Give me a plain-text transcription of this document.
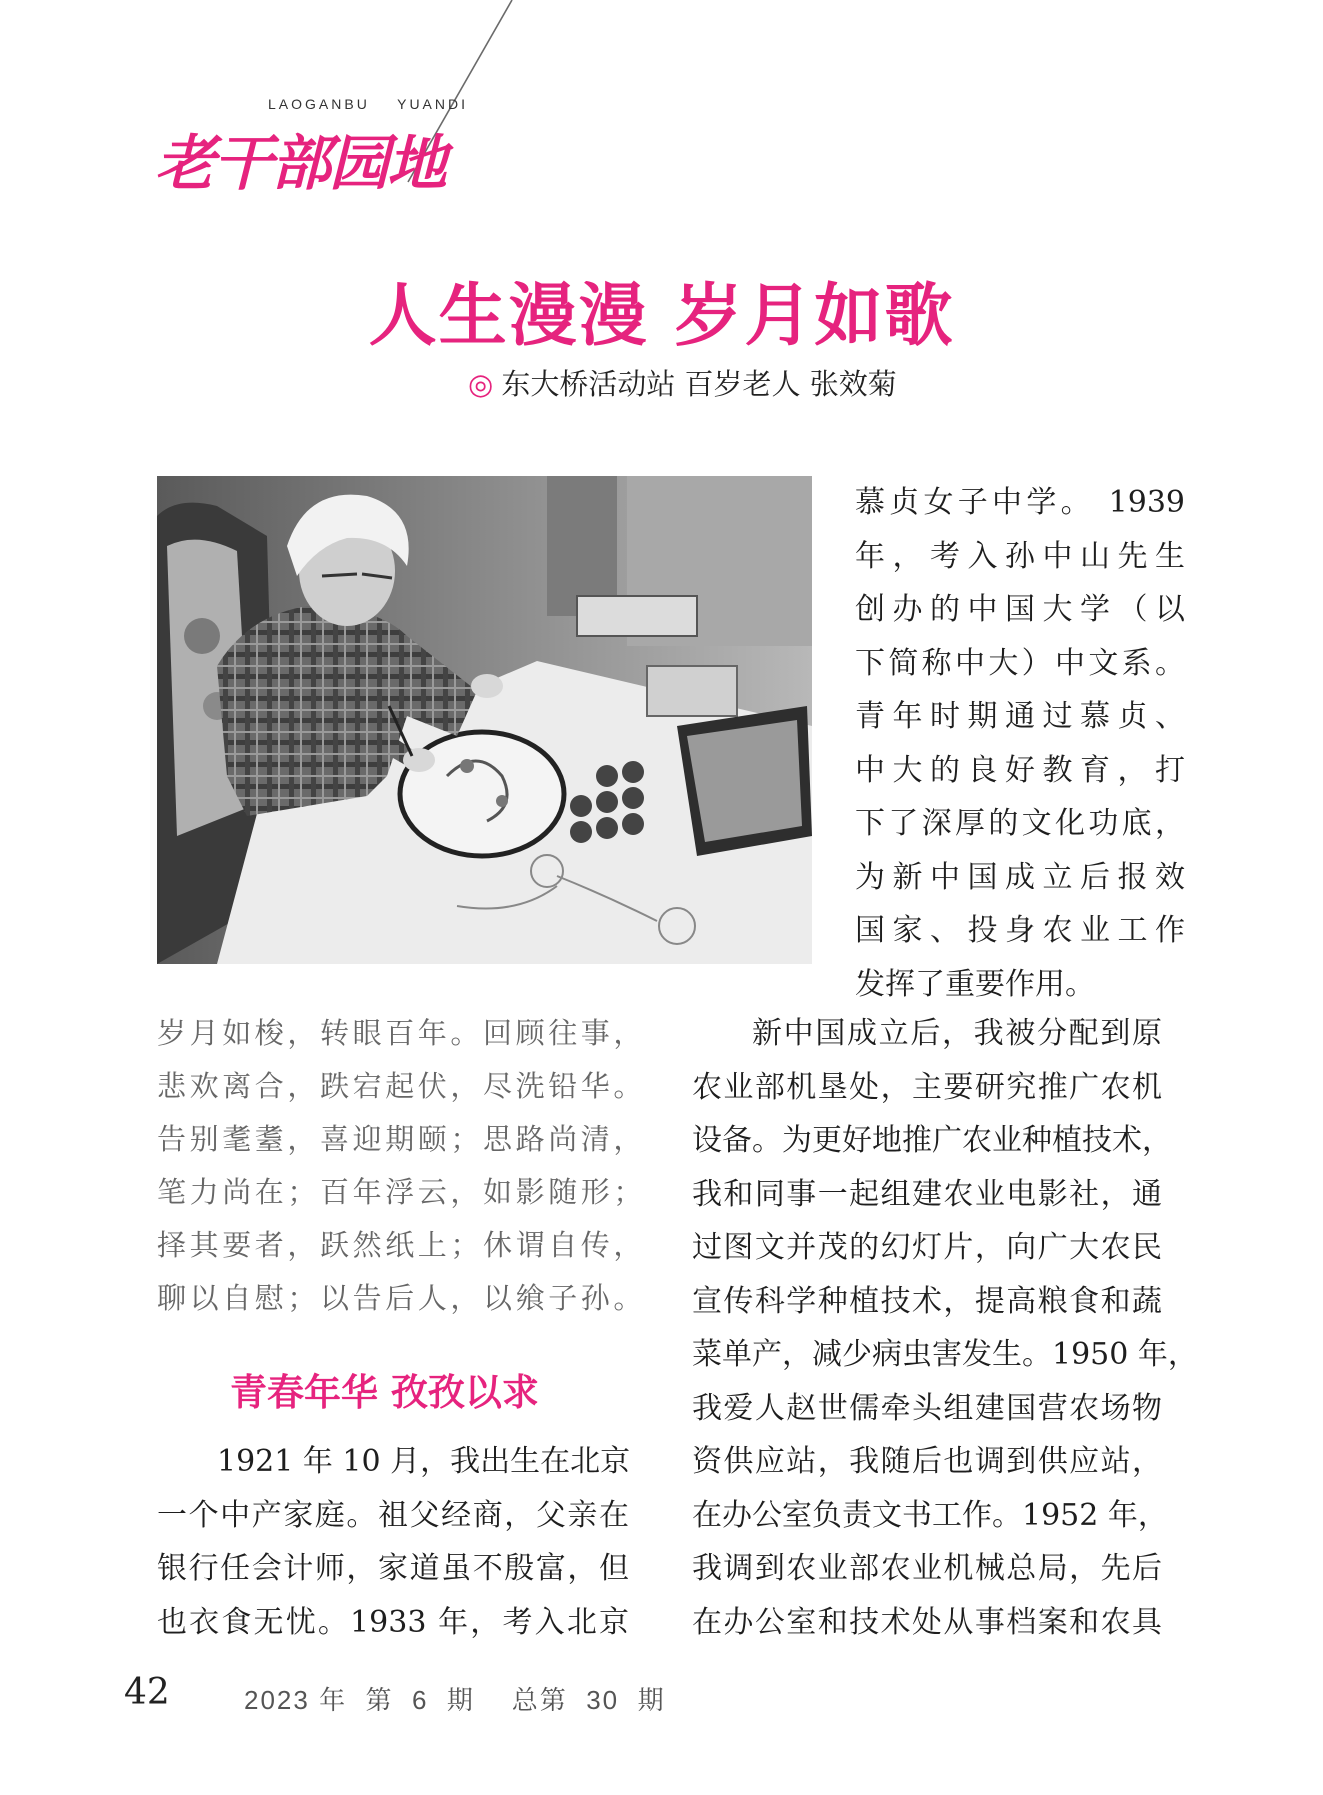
LAOGANBU    YUANDI
老干部园地
人生漫漫 岁月如歌
◎ 东大桥活动站 百岁老人 张效菊

慕贞女子中学。 1939

年，考入孙中山先生

创办的中国大学（以

下简称中大）中文系。

青年时期通过慕贞、

中大的良好教育，打

下了深厚的文化功底，

为新中国成立后报效

国家、投身农业工作

发挥了重要作用。

岁月如梭，转眼百年。回顾往事，

悲欢离合，跌宕起伏，尽洗铅华。

告别耄耋，喜迎期颐；思路尚清，

笔力尚在；百年浮云，如影随形；

择其要者，跃然纸上；休谓自传，

聊以自慰；以告后人，以飨子孙。

青春年华 孜孜以求

1921 年 10 月，我出生在北京

一个中产家庭。祖父经商，父亲在

银行任会计师，家道虽不殷富，但

也衣食无忧。1933 年，考入北京

新中国成立后，我被分配到原

农业部机垦处，主要研究推广农机

设备。为更好地推广农业种植技术，

我和同事一起组建农业电影社，通

过图文并茂的幻灯片，向广大农民

宣传科学种植技术，提高粮食和蔬

菜单产，减少病虫害发生。1950 年，

我爱人赵世儒牵头组建国营农场物

资供应站，我随后也调到供应站，

在办公室负责文书工作。1952 年，

我调到农业部农业机械总局，先后

在办公室和技术处从事档案和农具

42	2023 年  第  6  期    总第  30  期
